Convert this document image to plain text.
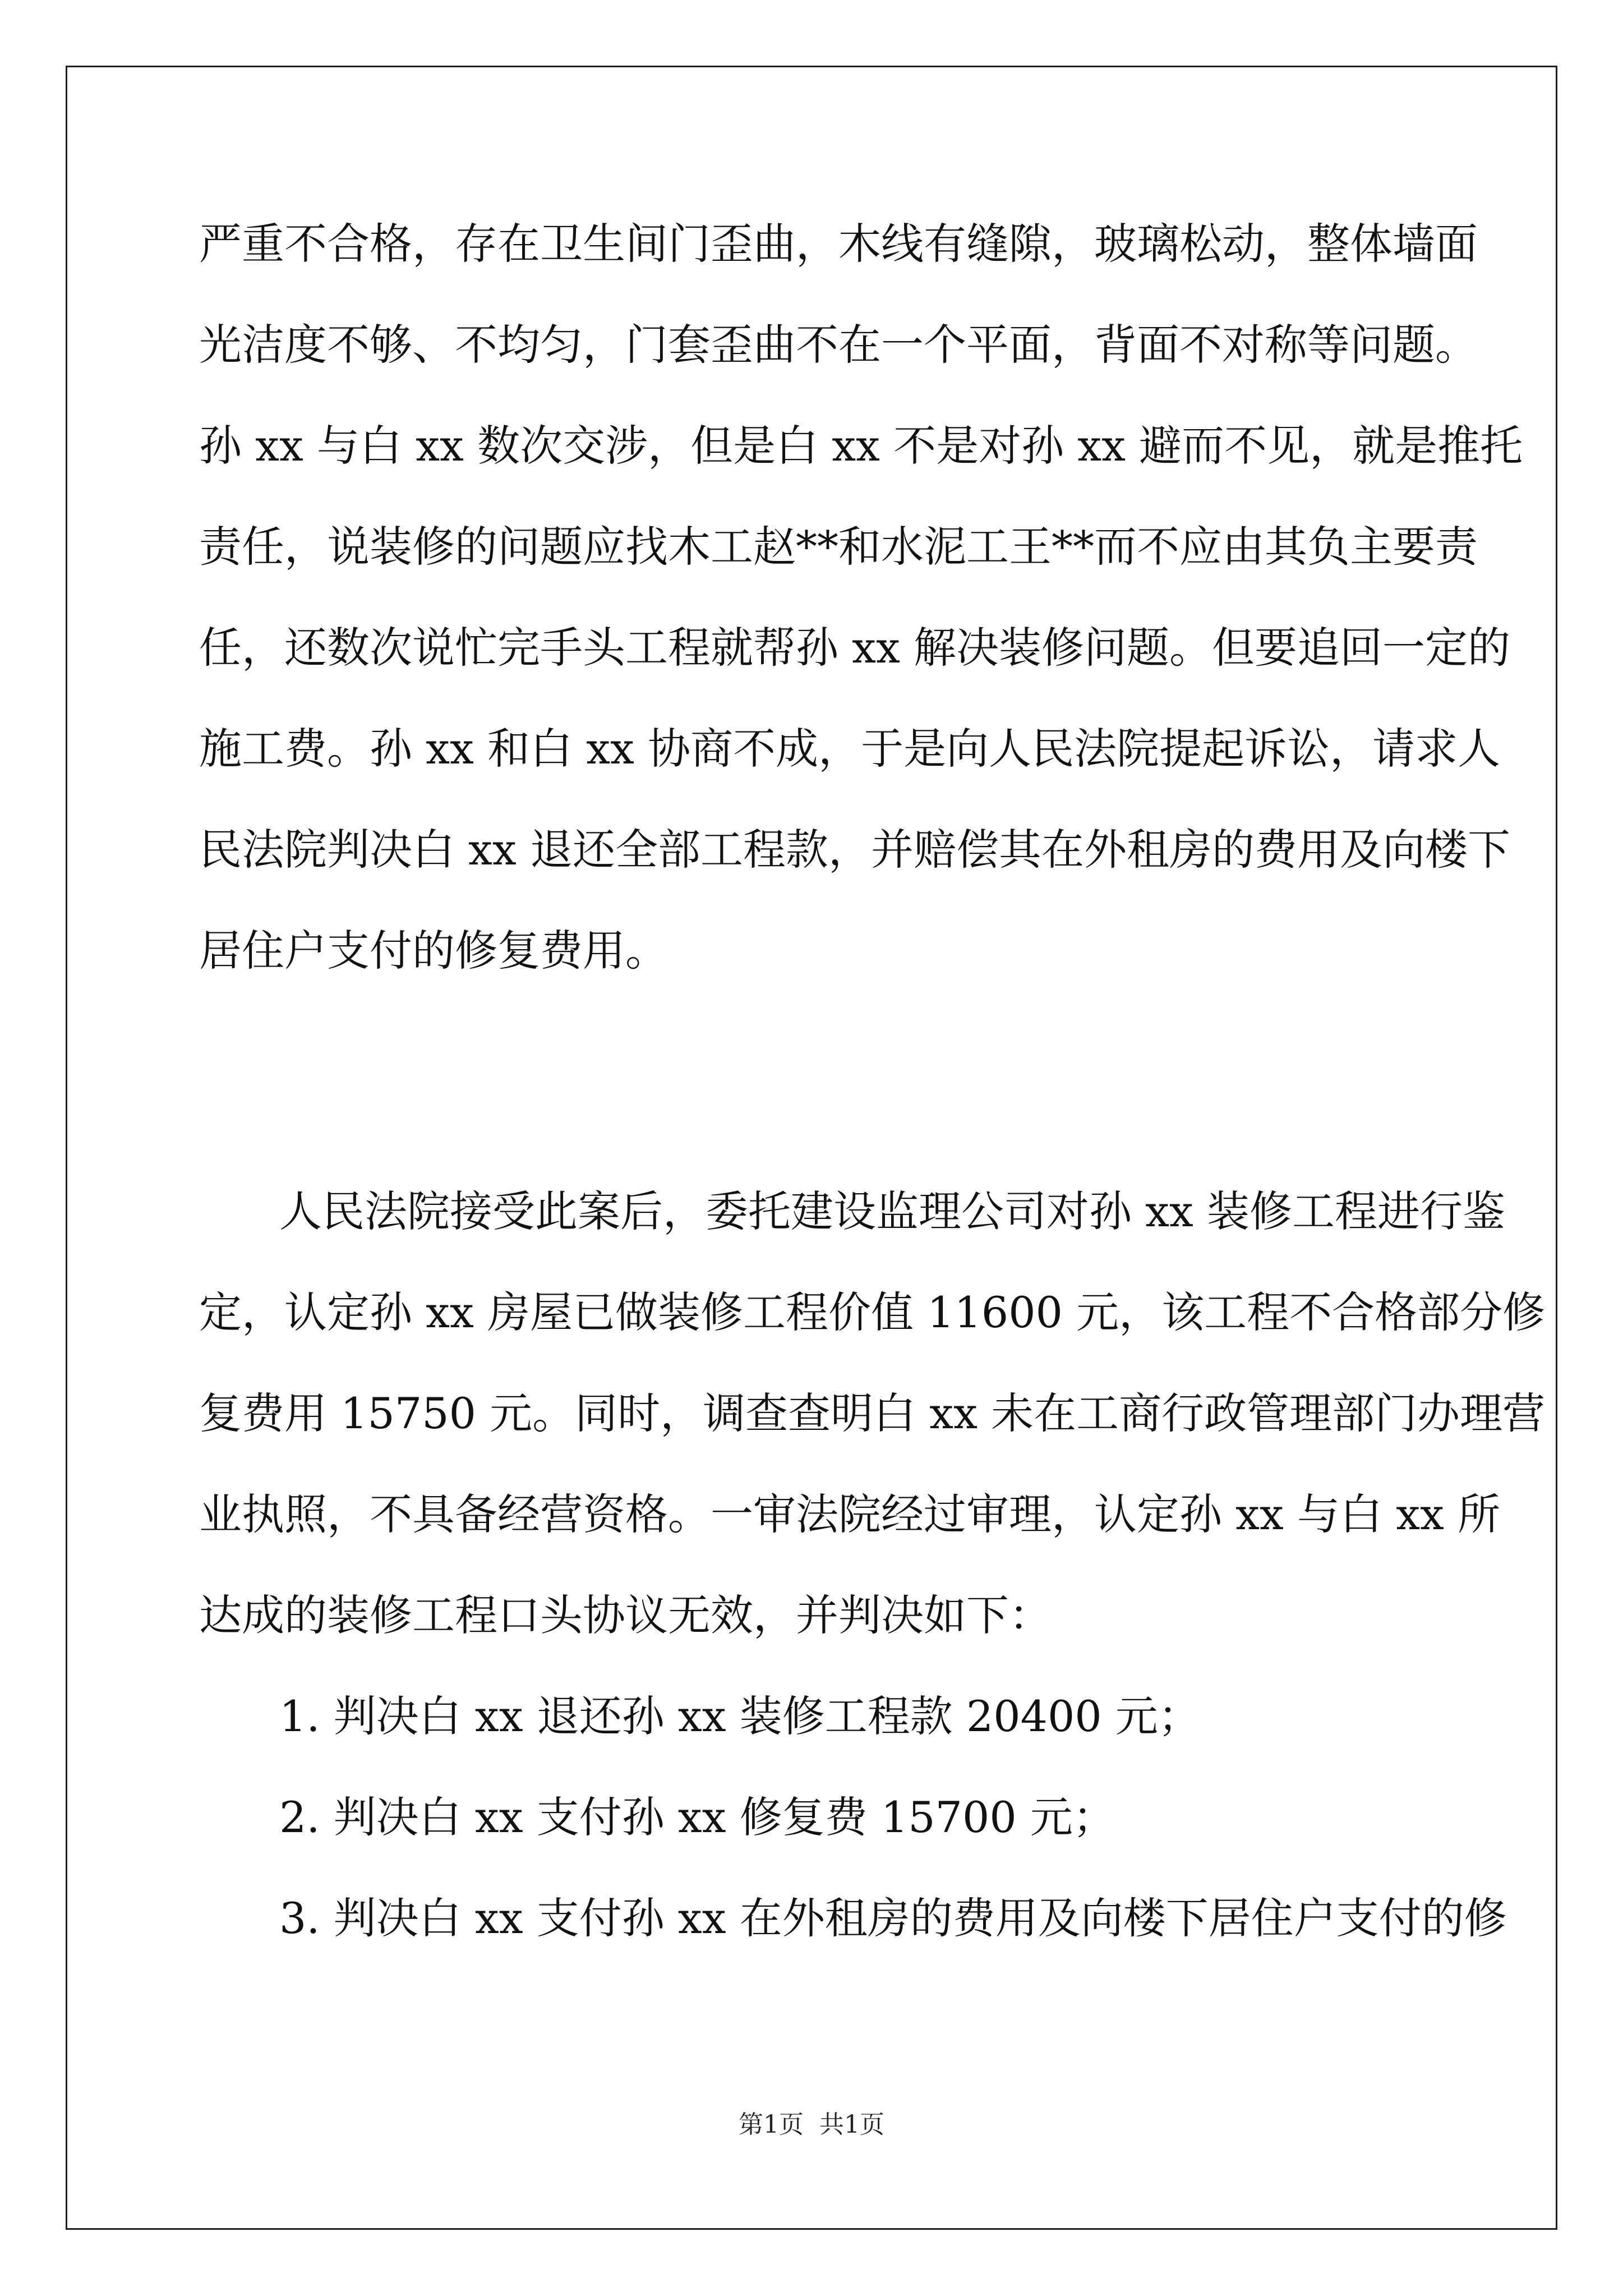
严重不合格，存在卫生间门歪曲，木线有缝隙，玻璃松动，整体墙面
光洁度不够、不均匀，门套歪曲不在一个平面，背面不对称等问题。
孙 xx 与白 xx 数次交涉，但是白 xx 不是对孙 xx 避而不见，就是推托
责任，说装修的问题应找木工赵**和水泥工王**而不应由其负主要责
任，还数次说忙完手头工程就帮孙 xx 解决装修问题。但要追回一定的
施工费。孙 xx 和白 xx 协商不成，于是向人民法院提起诉讼，请求人
民法院判决白 xx 退还全部工程款，并赔偿其在外租房的费用及向楼下
居住户支付的修复费用。
人民法院接受此案后，委托建设监理公司对孙 xx 装修工程进行鉴
定，认定孙 xx 房屋已做装修工程价值 11600 元，该工程不合格部分修
复费用 15750 元。同时，调查查明白 xx 未在工商行政管理部门办理营
业执照，不具备经营资格。一审法院经过审理，认定孙 xx 与白 xx 所
达成的装修工程口头协议无效，并判决如下：
1. 判决白 xx 退还孙 xx 装修工程款 20400 元；
2. 判决白 xx 支付孙 xx 修复费 15700 元；
3. 判决白 xx 支付孙 xx 在外租房的费用及向楼下居住户支付的修
第1页 共1页
